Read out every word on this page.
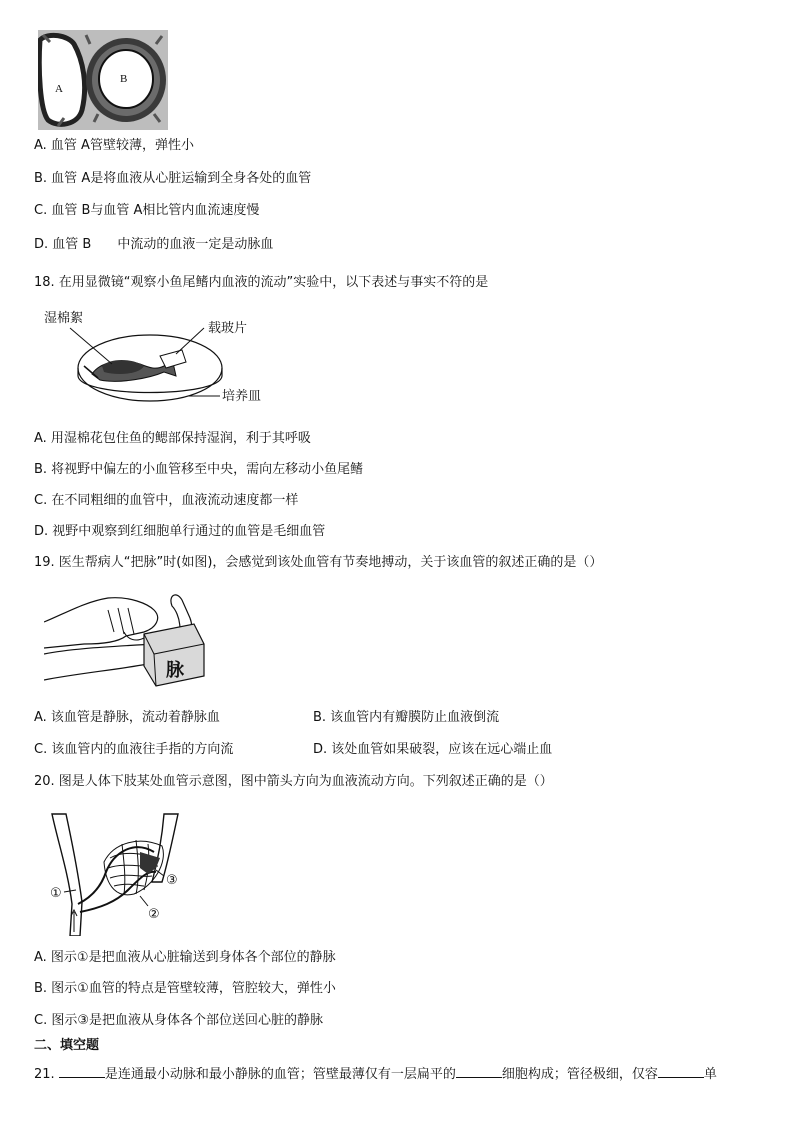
A
B
A. 血管 A管壁较薄，弹性小
B. 血管 A是将血液从心脏运输到全身各处的血管
C. 血管 B与血管 A相比管内血流速度慢
D. 血管 B　　中流动的血液一定是动脉血
18. 在用显微镜“观察小鱼尾鳍内血液的流动”实验中，以下表述与事实不符的是
湿棉絮
载玻片
培养皿
A. 用湿棉花包住鱼的鳃部保持湿润，利于其呼吸
B. 将视野中偏左的小血管移至中央，需向左移动小鱼尾鳍
C. 在不同粗细的血管中，血液流动速度都一样
D. 视野中观察到红细胞单行通过的血管是毛细血管
19. 医生帮病人“把脉”时(如图)，会感觉到该处血管有节奏地搏动，关于该血管的叙述正确的是（）
脉
A. 该血管是静脉，流动着静脉血	B. 该血管内有瓣膜防止血液倒流
C. 该血管内的血液往手指的方向流	D. 该处血管如果破裂，应该在远心端止血
20. 图是人体下肢某处血管示意图，图中箭头方向为血液流动方向。下列叙述正确的是（）
①
②
③
A. 图示①是把血液从心脏输送到身体各个部位的静脉
B. 图示①血管的特点是管壁较薄，管腔较大，弹性小
C. 图示③是把血液从身体各个部位送回心脏的静脉
二、填空题
21.	是连通最小动脉和最小静脉的血管；管壁最薄仅有一层扁平的	细胞构成；管径极细，仅容	单
